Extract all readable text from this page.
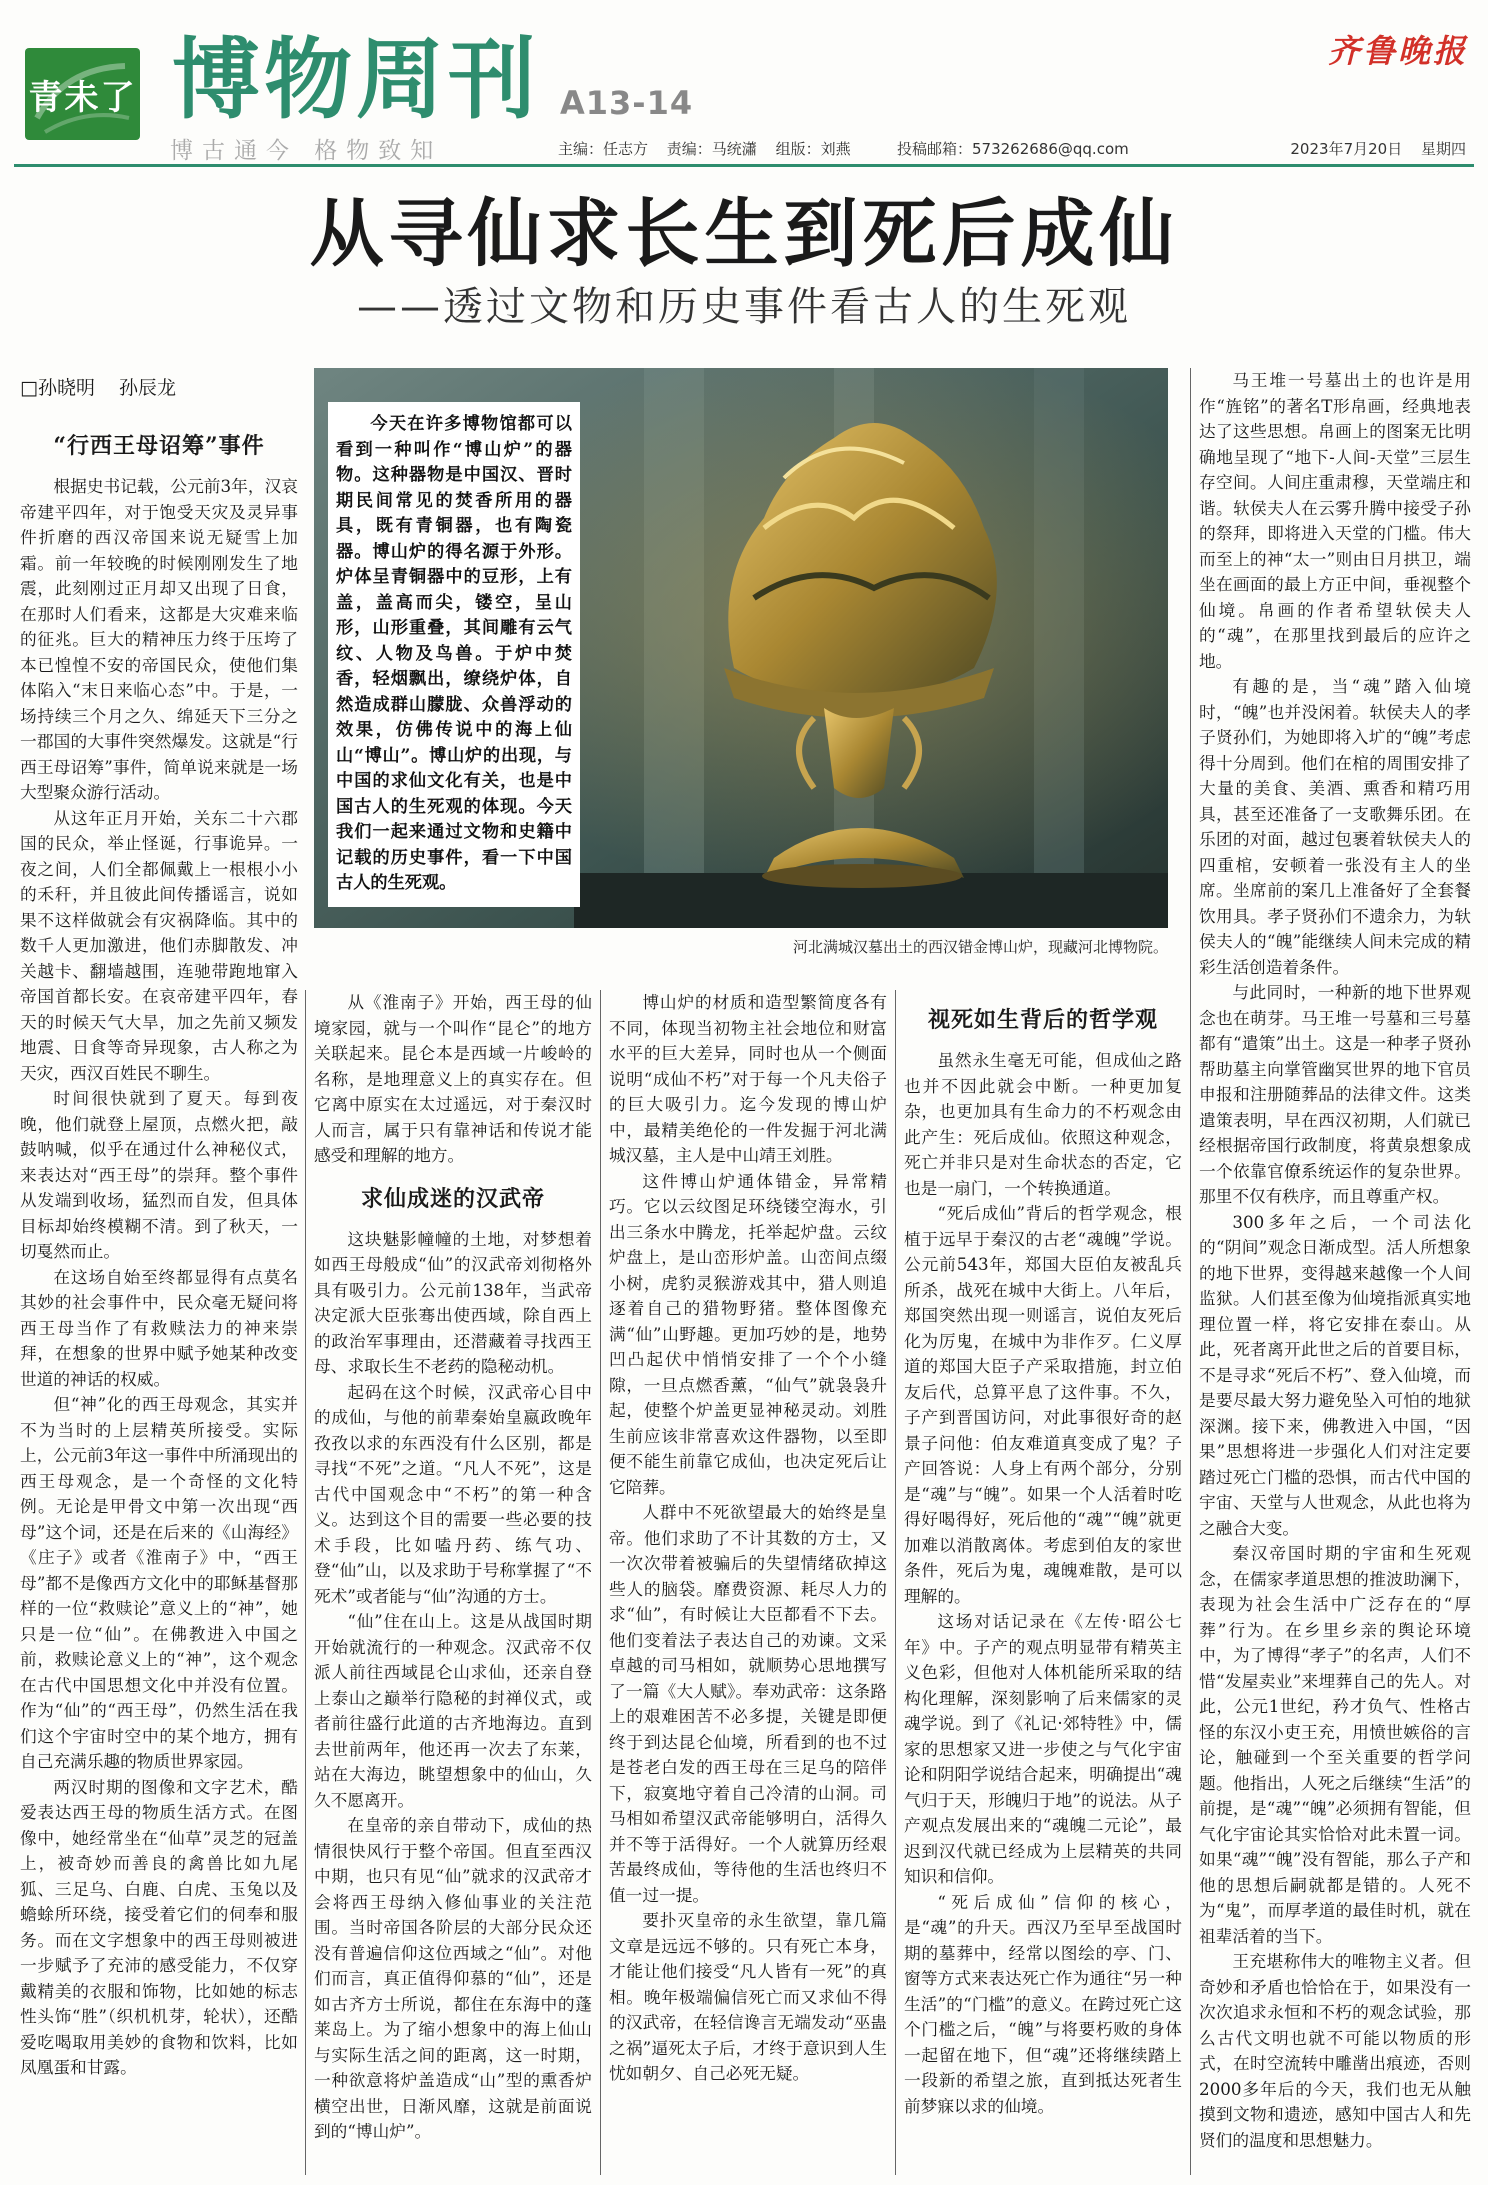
青未了 博物周刊 A13-14
博古通今 格物致知
齐鲁晚报
主编：任志方 责编：马统瀟 组版：刘燕	投稿邮箱：573262686@qq.com	2023年7月20日 星期四
从寻仙求长生到死后成仙
——透过文物和历史事件看古人的生死观
□孙晓明 孙辰龙
“行西王母诏筹”事件

根据史书记载，公元前3年，汉哀帝建平四年，对于饱受天灾及灵异事件折磨的西汉帝国来说无疑雪上加霜。前一年较晚的时候刚刚发生了地震，此刻刚过正月却又出现了日食，在那时人们看来，这都是大灾难来临的征兆。巨大的精神压力终于压垮了本已惶惶不安的帝国民众，使他们集体陷入“末日来临心态”中。于是，一场持续三个月之久、绵延天下三分之一郡国的大事件突然爆发。这就是“行西王母诏筹”事件，简单说来就是一场大型聚众游行活动。

从这年正月开始，关东二十六郡国的民众，举止怪诞，行事诡异。一夜之间，人们全都佩戴上一根根小小的禾秆，并且彼此间传播谣言，说如果不这样做就会有灾祸降临。其中的数千人更加激进，他们赤脚散发、冲关越卡、翻墙越围，连驰带跑地窜入帝国首都长安。在哀帝建平四年，春天的时候天气大旱，加之先前又频发地震、日食等奇异现象，古人称之为天灾，西汉百姓民不聊生。

时间很快就到了夏天。每到夜晚，他们就登上屋顶，点燃火把，敲鼓呐喊，似乎在通过什么神秘仪式，来表达对“西王母”的崇拜。整个事件从发端到收场，猛烈而自发，但具体目标却始终模糊不清。到了秋天，一切戛然而止。

在这场自始至终都显得有点莫名其妙的社会事件中，民众毫无疑问将西王母当作了有救赎法力的神来崇拜，在想象的世界中赋予她某种改变世道的神话的权威。

但“神”化的西王母观念，其实并不为当时的上层精英所接受。实际上，公元前3年这一事件中所涌现出的西王母观念，是一个奇怪的文化特例。无论是甲骨文中第一次出现“西母”这个词，还是在后来的《山海经》《庄子》或者《淮南子》中，“西王母”都不是像西方文化中的耶稣基督那样的一位“救赎论”意义上的“神”，她只是一位“仙”。在佛教进入中国之前，救赎论意义上的“神”，这个观念在古代中国思想文化中并没有位置。作为“仙”的“西王母”，仍然生活在我们这个宇宙时空中的某个地方，拥有自己充满乐趣的物质世界家园。

两汉时期的图像和文字艺术，酷爱表达西王母的物质生活方式。在图像中，她经常坐在“仙草”灵芝的冠盖上，被奇妙而善良的禽兽比如九尾狐、三足乌、白鹿、白虎、玉兔以及蟾蜍所环绕，接受着它们的伺奉和服务。而在文字想象中的西王母则被进一步赋予了充沛的感受能力，不仅穿戴精美的衣服和饰物，比如她的标志性头饰“胜”（织机机芽，轮状），还酷爱吃喝取用美妙的食物和饮料，比如凤凰蛋和甘露。

今天在许多博物馆都可以看到一种叫作“博山炉”的器物。这种器物是中国汉、晋时期民间常见的焚香所用的器具，既有青铜器，也有陶瓷器。博山炉的得名源于外形。炉体呈青铜器中的豆形，上有盖，盖高而尖，镂空，呈山形，山形重叠，其间雕有云气纹、人物及鸟兽。于炉中焚香，轻烟飘出，缭绕炉体，自然造成群山朦胧、众兽浮动的效果，仿佛传说中的海上仙山“博山”。博山炉的出现，与中国的求仙文化有关，也是中国古人的生死观的体现。今天我们一起来通过文物和史籍中记载的历史事件，看一下中国古人的生死观。

河北满城汉墓出土的西汉错金博山炉，现藏河北博物院。

从《淮南子》开始，西王母的仙境家园，就与一个叫作“昆仑”的地方关联起来。昆仑本是西域一片峻岭的名称，是地理意义上的真实存在。但它离中原实在太过遥远，对于秦汉时人而言，属于只有靠神话和传说才能感受和理解的地方。

求仙成迷的汉武帝

这块魅影幢幢的土地，对梦想着如西王母般成“仙”的汉武帝刘彻格外具有吸引力。公元前138年，当武帝决定派大臣张骞出使西域，除自西上的政治军事理由，还潜藏着寻找西王母、求取长生不老药的隐秘动机。

起码在这个时候，汉武帝心目中的成仙，与他的前辈秦始皇嬴政晚年孜孜以求的东西没有什么区别，都是寻找“不死”之道。“凡人不死”，这是古代中国观念中“不朽”的第一种含义。达到这个目的需要一些必要的技术手段，比如嗑丹药、练气功、登“仙”山，以及求助于号称掌握了“不死术”或者能与“仙”沟通的方士。

“仙”住在山上。这是从战国时期开始就流行的一种观念。汉武帝不仅派人前往西域昆仑山求仙，还亲自登上泰山之巅举行隐秘的封禅仪式，或者前往盛行此道的古齐地海边。直到去世前两年，他还再一次去了东莱，站在大海边，眺望想象中的仙山，久久不愿离开。

在皇帝的亲自带动下，成仙的热情很快风行于整个帝国。但直至西汉中期，也只有见“仙”就求的汉武帝才会将西王母纳入修仙事业的关注范围。当时帝国各阶层的大部分民众还没有普遍信仰这位西域之“仙”。对他们而言，真正值得仰慕的“仙”，还是如古齐方士所说，都住在东海中的蓬莱岛上。为了缩小想象中的海上仙山与实际生活之间的距离，这一时期，一种欲意将炉盖造成“山”型的熏香炉横空出世，日渐风靡，这就是前面说到的“博山炉”。

博山炉的材质和造型繁简度各有不同，体现当初物主社会地位和财富水平的巨大差异，同时也从一个侧面说明“成仙不朽”对于每一个凡夫俗子的巨大吸引力。迄今发现的博山炉中，最精美绝伦的一件发掘于河北满城汉墓，主人是中山靖王刘胜。

这件博山炉通体错金，异常精巧。它以云纹图足环绕镂空海水，引出三条水中腾龙，托举起炉盘。云纹炉盘上，是山峦形炉盖。山峦间点缀小树，虎豹灵猴游戏其中，猎人则追逐着自己的猎物野猪。整体图像充满“仙”山野趣。更加巧妙的是，地势凹凸起伏中悄悄安排了一个个小缝隙，一旦点燃香薰，“仙气”就袅袅升起，使整个炉盖更显神秘灵动。刘胜生前应该非常喜欢这件器物，以至即便不能生前靠它成仙，也决定死后让它陪葬。

人群中不死欲望最大的始终是皇帝。他们求助了不计其数的方士，又一次次带着被骗后的失望情绪砍掉这些人的脑袋。靡费资源、耗尽人力的求“仙”，有时候让大臣都看不下去。他们变着法子表达自己的劝谏。文采卓越的司马相如，就顺势心思地撰写了一篇《大人赋》。奉劝武帝：这条路上的艰难困苦不必多提，关键是即便终于到达昆仑仙境，所看到的也不过是苍老白发的西王母在三足乌的陪伴下，寂寞地守着自己冷清的山洞。司马相如希望汉武帝能够明白，活得久并不等于活得好。一个人就算历经艰苦最终成仙，等待他的生活也终归不值一过一提。

要扑灭皇帝的永生欲望，靠几篇文章是远远不够的。只有死亡本身，才能让他们接受“凡人皆有一死”的真相。晚年极端偏信死亡而又求仙不得的汉武帝，在轻信谗言无端发动“巫蛊之祸”逼死太子后，才终于意识到人生忧如朝夕、自己必死无疑。

视死如生背后的哲学观

虽然永生毫无可能，但成仙之路也并不因此就会中断。一种更加复杂，也更加具有生命力的不朽观念由此产生：死后成仙。依照这种观念，死亡并非只是对生命状态的否定，它也是一扇门，一个转换通道。

“死后成仙”背后的哲学观念，根植于远早于秦汉的古老“魂魄”学说。公元前543年，郑国大臣伯友被乱兵所杀，战死在城中大街上。八年后，郑国突然出现一则谣言，说伯友死后化为厉鬼，在城中为非作歹。仁义厚道的郑国大臣子产采取措施，封立伯友后代，总算平息了这件事。不久，子产到晋国访问，对此事很好奇的赵景子问他：伯友难道真变成了鬼？子产回答说：人身上有两个部分，分别是“魂”与“魄”。如果一个人活着时吃得好喝得好，死后他的“魂”“魄”就更加难以消散离体。考虑到伯友的家世条件，死后为鬼，魂魄难散，是可以理解的。

这场对话记录在《左传·昭公七年》中。子产的观点明显带有精英主义色彩，但他对人体机能所采取的结构化理解，深刻影响了后来儒家的灵魂学说。到了《礼记·郊特牲》中，儒家的思想家又进一步使之与气化宇宙论和阴阳学说结合起来，明确提出“魂气归于天，形魄归于地”的说法。从子产观点发展出来的“魂魄二元论”，最迟到汉代就已经成为上层精英的共同知识和信仰。

“死后成仙”信仰的核心，是“魂”的升天。西汉乃至早至战国时期的墓葬中，经常以图绘的亭、门、窗等方式来表达死亡作为通往“另一种生活”的“门槛”的意义。在跨过死亡这个门槛之后，“魄”与将要朽败的身体一起留在地下，但“魂”还将继续踏上一段新的希望之旅，直到抵达死者生前梦寐以求的仙境。

马王堆一号墓出土的也许是用作“旌铭”的著名T形帛画，经典地表达了这些思想。帛画上的图案无比明确地呈现了“地下-人间-天堂”三层生存空间。人间庄重肃穆，天堂端庄和谐。轪侯夫人在云雾升腾中接受子孙的祭拜，即将进入天堂的门槛。伟大而至上的神“太一”则由日月拱卫，端坐在画面的最上方正中间，垂视整个仙境。帛画的作者希望轪侯夫人的“魂”，在那里找到最后的应许之地。

有趣的是，当“魂”踏入仙境时，“魄”也并没闲着。轪侯夫人的孝子贤孙们，为她即将入圹的“魄”考虑得十分周到。他们在棺的周围安排了大量的美食、美酒、熏香和精巧用具，甚至还准备了一支歌舞乐团。在乐团的对面，越过包裹着轪侯夫人的四重棺，安顿着一张没有主人的坐席。坐席前的案几上准备好了全套餐饮用具。孝子贤孙们不遗余力，为轪侯夫人的“魄”能继续人间未完成的精彩生活创造着条件。

与此同时，一种新的地下世界观念也在萌芽。马王堆一号墓和三号墓都有“遣策”出土。这是一种孝子贤孙帮助墓主向掌管幽冥世界的地下官员申报和注册随葬品的法律文件。这类遣策表明，早在西汉初期，人们就已经根据帝国行政制度，将黄泉想象成一个依靠官僚系统运作的复杂世界。那里不仅有秩序，而且尊重产权。

300多年之后，一个司法化的“阴间”观念日渐成型。活人所想象的地下世界，变得越来越像一个人间监狱。人们甚至像为仙境指派真实地理位置一样，将它安排在泰山。从此，死者离开此世之后的首要目标，不是寻求“死后不朽”、登入仙境，而是要尽最大努力避免坠入可怕的地狱深渊。接下来，佛教进入中国，“因果”思想将进一步强化人们对注定要踏过死亡门槛的恐惧，而古代中国的宇宙、天堂与人世观念，从此也将为之融合大变。

秦汉帝国时期的宇宙和生死观念，在儒家孝道思想的推波助澜下，表现为社会生活中广泛存在的“厚葬”行为。在乡里乡亲的舆论环境中，为了博得“孝子”的名声，人们不惜“发屋卖业”来埋葬自己的先人。对此，公元1世纪，矜才负气、性格古怪的东汉小吏王充，用愤世嫉俗的言论，触碰到一个至关重要的哲学问题。他指出，人死之后继续“生活”的前提，是“魂”“魄”必须拥有智能，但气化宇宙论其实恰恰对此未置一词。如果“魂”“魄”没有智能，那么子产和他的思想后嗣就都是错的。人死不为“鬼”，而厚孝道的最佳时机，就在祖辈活着的当下。

王充堪称伟大的唯物主义者。但奇妙和矛盾也恰恰在于，如果没有一次次追求永恒和不朽的观念试验，那么古代文明也就不可能以物质的形式，在时空流转中雕凿出痕迹，否则2000多年后的今天，我们也无从触摸到文物和遗迹，感知中国古人和先贤们的温度和思想魅力。
